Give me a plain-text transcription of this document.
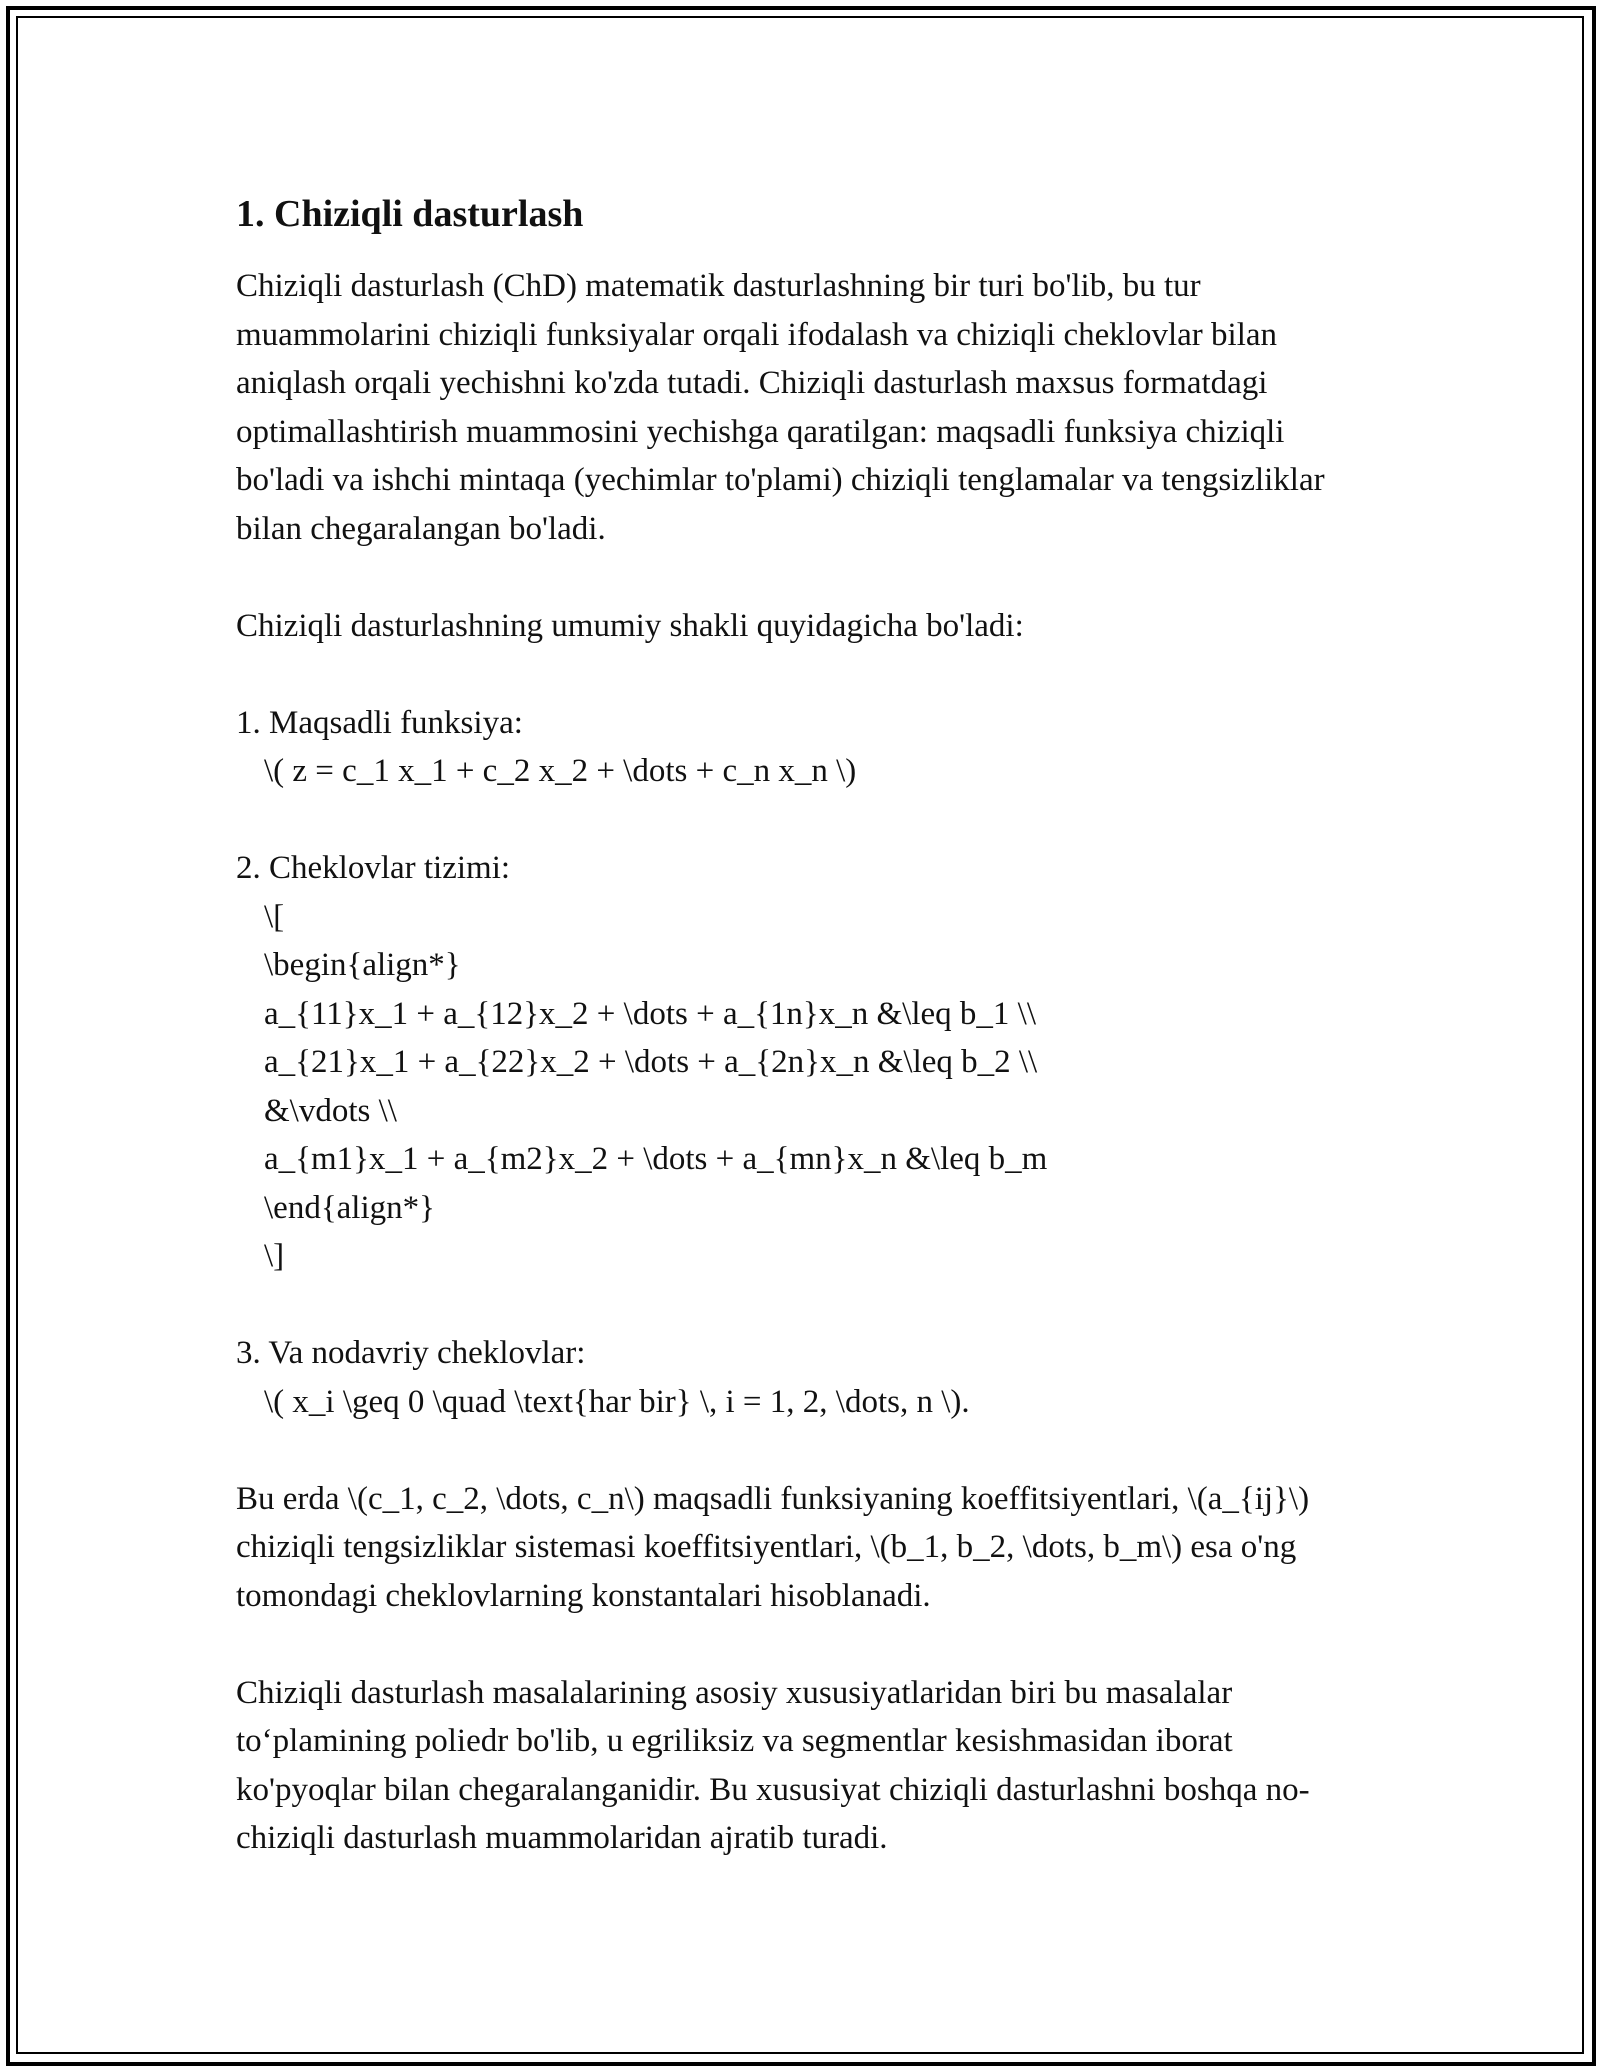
1. Chiziqli dasturlash

Chiziqli dasturlash (ChD) matematik dasturlashning bir turi bo'lib, bu tur muammolarini chiziqli funksiyalar orqali ifodalash va chiziqli cheklovlar bilan aniqlash orqali yechishni ko'zda tutadi. Chiziqli dasturlash maxsus formatdagi optimallashtirish muammosini yechishga qaratilgan: maqsadli funksiya chiziqli bo'ladi va ishchi mintaqa (yechimlar to'plami) chiziqli tenglamalar va tengsizliklar bilan chegaralangan bo'ladi.

Chiziqli dasturlashning umumiy shakli quyidagicha bo'ladi:

1. Maqsadli funksiya:

\( z = c_1 x_1 + c_2 x_2 + \dots + c_n x_n \)

2. Cheklovlar tizimi:

\[

\begin{align*}

a_{11}x_1 + a_{12}x_2 + \dots + a_{1n}x_n &\leq b_1 \\

a_{21}x_1 + a_{22}x_2 + \dots + a_{2n}x_n &\leq b_2 \\

&\vdots \\

a_{m1}x_1 + a_{m2}x_2 + \dots + a_{mn}x_n &\leq b_m

\end{align*}

\]

3. Va nodavriy cheklovlar:

\( x_i \geq 0 \quad \text{har bir} \, i = 1, 2, \dots, n \).

Bu erda \(c_1, c_2, \dots, c_n\) maqsadli funksiyaning koeffitsiyentlari, \(a_{ij}\) chiziqli tengsizliklar sistemasi koeffitsiyentlari, \(b_1, b_2, \dots, b_m\) esa o'ng tomondagi cheklovlarning konstantalari hisoblanadi.

Chiziqli dasturlash masalalarining asosiy xususiyatlaridan biri bu masalalar to‘plamining poliedr bo'lib, u egriliksiz va segmentlar kesishmasidan iborat ko'pyoqlar bilan chegaralanganidir. Bu xususiyat chiziqli dasturlashni boshqa no-chiziqli dasturlash muammolaridan ajratib turadi.
